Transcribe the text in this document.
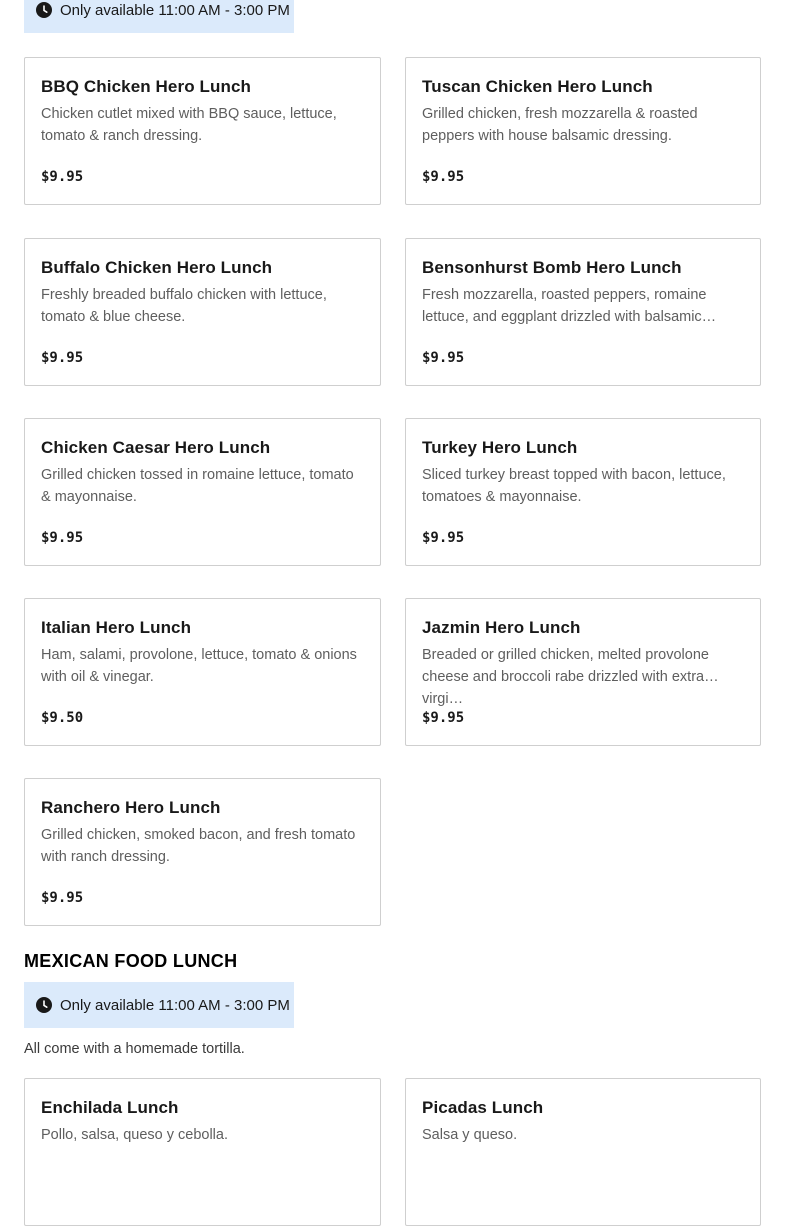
Only available 11:00 AM - 3:00 PM
BBQ Chicken Hero Lunch
Chicken cutlet mixed with BBQ sauce, lettuce, tomato & ranch dressing.
$9.95
Tuscan Chicken Hero Lunch
Grilled chicken, fresh mozzarella & roasted peppers with house balsamic dressing.
$9.95
Buffalo Chicken Hero Lunch
Freshly breaded buffalo chicken with lettuce, tomato & blue cheese.
$9.95
Bensonhurst Bomb Hero Lunch
Fresh mozzarella, roasted peppers, romaine lettuce, and eggplant drizzled with balsamic…
$9.95
Chicken Caesar Hero Lunch
Grilled chicken tossed in romaine lettuce, tomato & mayonnaise.
$9.95
Turkey Hero Lunch
Sliced turkey breast topped with bacon, lettuce, tomatoes & mayonnaise.
$9.95
Italian Hero Lunch
Ham, salami, provolone, lettuce, tomato & onions with oil & vinegar.
$9.50
Jazmin Hero Lunch
Breaded or grilled chicken, melted provolone cheese and broccoli rabe drizzled with extra virgi…
$9.95
Ranchero Hero Lunch
Grilled chicken, smoked bacon, and fresh tomato with ranch dressing.
$9.95
MEXICAN FOOD LUNCH
Only available 11:00 AM - 3:00 PM
All come with a homemade tortilla.
Enchilada Lunch
Pollo, salsa, queso y cebolla.
Picadas Lunch
Salsa y queso.
